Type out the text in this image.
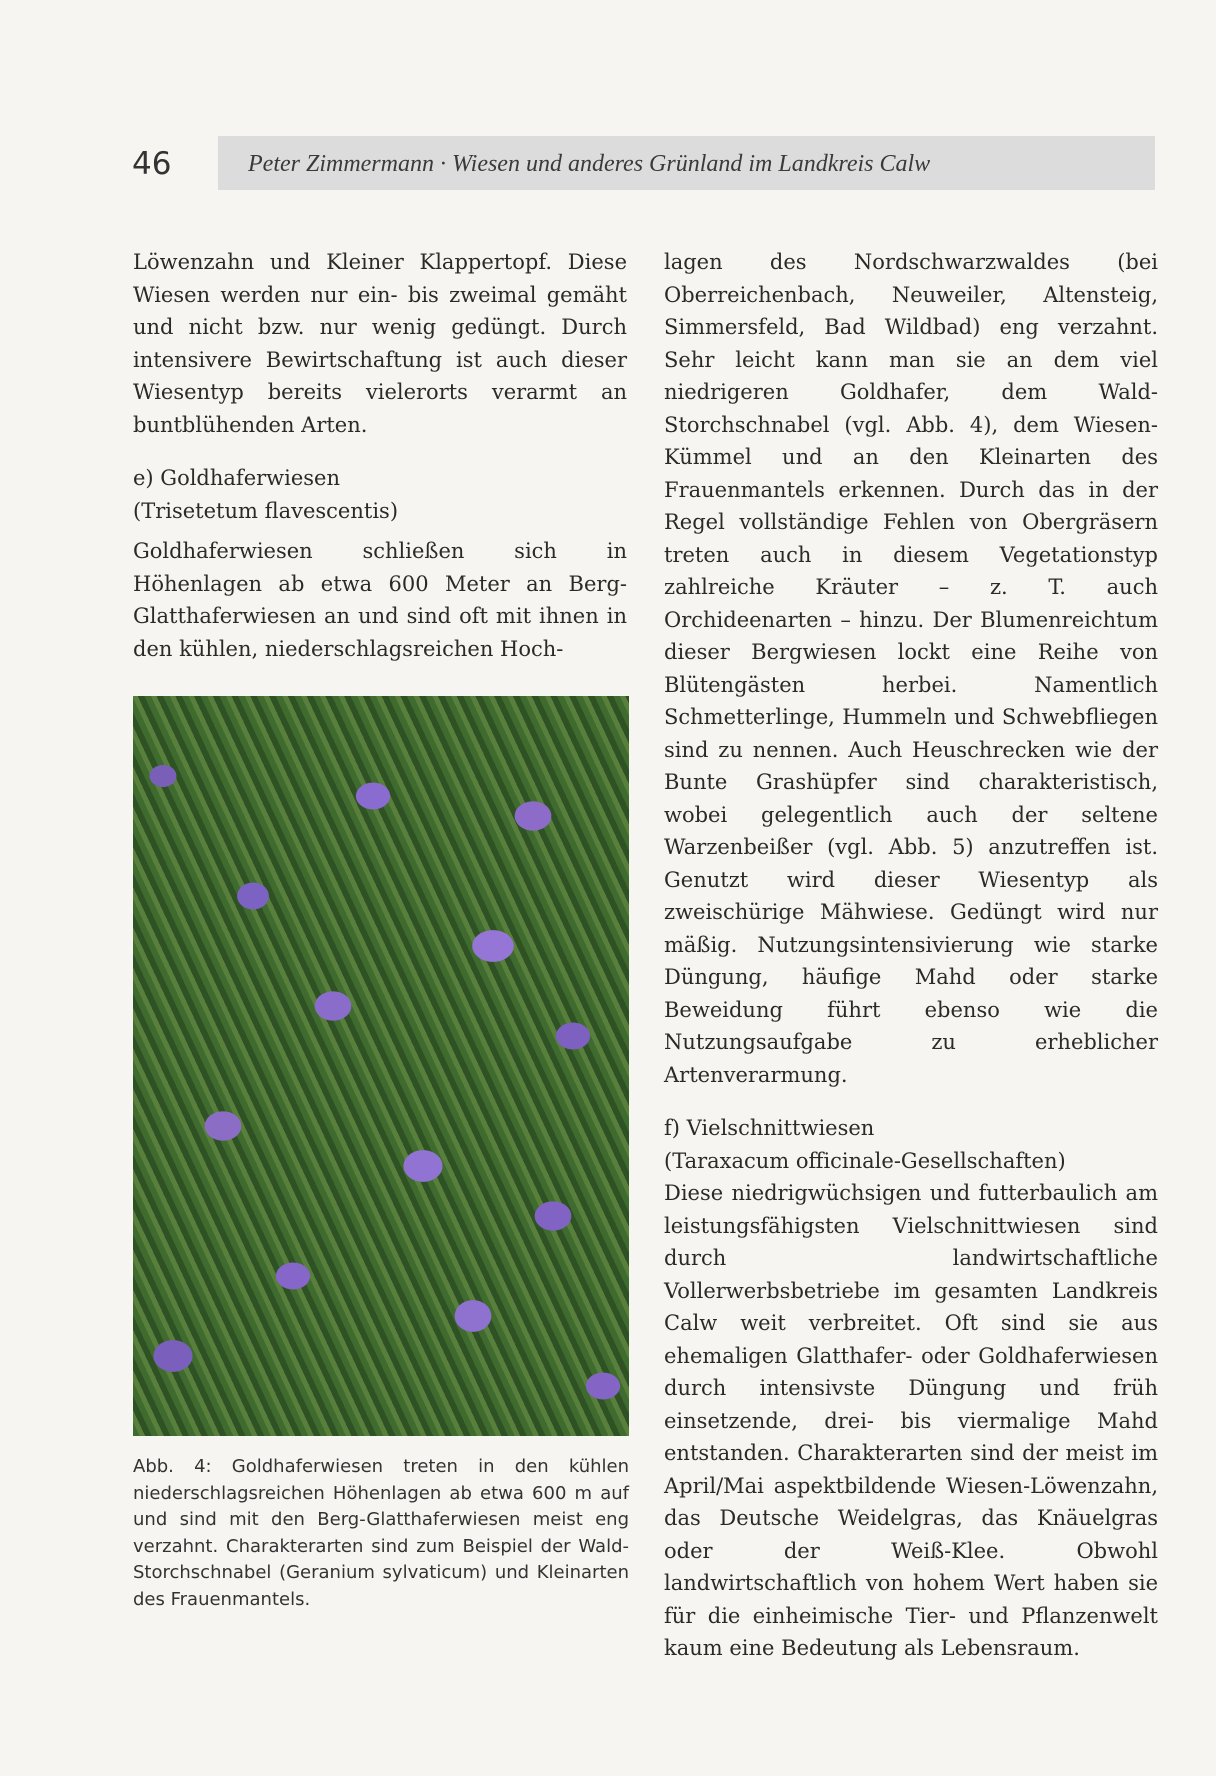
46	Peter Zimmermann · Wiesen und anderes Grünland im Landkreis Calw

Löwenzahn und Kleiner Klappertopf. Diese Wiesen werden nur ein- bis zweimal gemäht und nicht bzw. nur wenig gedüngt. Durch intensivere Bewirtschaftung ist auch dieser Wiesentyp bereits vielerorts verarmt an buntblühenden Arten.

e) Goldhaferwiesen

(Trisetetum flavescentis)

Goldhaferwiesen schließen sich in Höhenlagen ab etwa 600 Meter an Berg-Glatthaferwiesen an und sind oft mit ihnen in den kühlen, niederschlagsreichen Hoch-

Abb. 4: Goldhaferwiesen treten in den kühlen niederschlagsreichen Höhenlagen ab etwa 600 m auf und sind mit den Berg-Glatthaferwiesen meist eng verzahnt. Charakterarten sind zum Beispiel der Wald-Storchschnabel (Geranium sylvaticum) und Kleinarten des Frauenmantels.

lagen des Nordschwarzwaldes (bei Oberreichenbach, Neuweiler, Altensteig, Simmersfeld, Bad Wildbad) eng verzahnt. Sehr leicht kann man sie an dem viel niedrigeren Goldhafer, dem Wald-Storchschnabel (vgl. Abb. 4), dem Wiesen-Kümmel und an den Kleinarten des Frauenmantels erkennen. Durch das in der Regel vollständige Fehlen von Obergräsern treten auch in diesem Vegetationstyp zahlreiche Kräuter – z. T. auch Orchideenarten – hinzu. Der Blumenreichtum dieser Bergwiesen lockt eine Reihe von Blütengästen herbei. Namentlich Schmetterlinge, Hummeln und Schwebfliegen sind zu nennen. Auch Heuschrecken wie der Bunte Grashüpfer sind charakteristisch, wobei gelegentlich auch der seltene Warzenbeißer (vgl. Abb. 5) anzutreffen ist. Genutzt wird dieser Wiesentyp als zweischürige Mähwiese. Gedüngt wird nur mäßig. Nutzungsintensivierung wie starke Düngung, häufige Mahd oder starke Beweidung führt ebenso wie die Nutzungsaufgabe zu erheblicher Artenverarmung.

f) Vielschnittwiesen

(Taraxacum officinale-Gesellschaften)

Diese niedrigwüchsigen und futterbaulich am leistungsfähigsten Vielschnittwiesen sind durch landwirtschaftliche Vollerwerbsbetriebe im gesamten Landkreis Calw weit verbreitet. Oft sind sie aus ehemaligen Glatthafer- oder Goldhaferwiesen durch intensivste Düngung und früh einsetzende, drei- bis viermalige Mahd entstanden. Charakterarten sind der meist im April/Mai aspektbildende Wiesen-Löwenzahn, das Deutsche Weidelgras, das Knäuelgras oder der Weiß-Klee. Obwohl landwirtschaftlich von hohem Wert haben sie für die einheimische Tier- und Pflanzenwelt kaum eine Bedeutung als Lebensraum.
